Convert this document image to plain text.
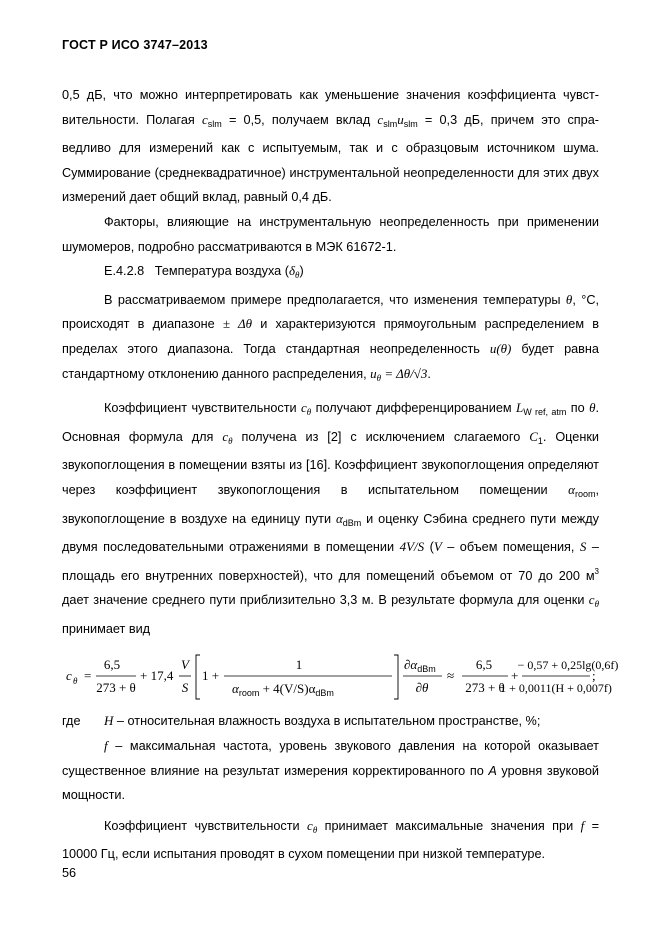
ГОСТ Р ИСО 3747–2013

0,5 дБ, что можно интерпретировать как уменьшение значения коэффициента чувст- вительности. Полагая $c_{slm} = 0,5$, получаем вклад $c_{slm}u_{slm} = 0,3$ дБ, причем это спра- ведливо для измерений как с испытуемым, так и с образцовым источником шума. Суммирование (среднеквадратичное) инструментальной неопределенности для этих двух измерений дает общий вклад, равный 0,4 дБ.

Факторы, влияющие на инструментальную неопределенность при применении шумомеров, подробно рассматриваются в МЭК 61672-1.

Е.4.2.8 Температура воздуха $(\delta_\theta)$

В рассматриваемом примере предполагается, что изменения температуры θ, °С, происходят в диапазоне ± Δθ и характеризуются прямоугольным распределением в пределах этого диапазона. Тогда стандартная неопределенность u(θ) будет равна стандартному отклонению данного распределения, $u_\theta = \Delta\theta/√3$.

Коэффициент чувствительности $c_\theta$ получают дифференцированием $L_{W ref, atm}$ по θ. Основная формула для $c_\theta$ получена из [2] с исключением слагаемого $C_1$. Оценки звукопоглощения в помещении взяты из [16]. Коэффициент звукопоглощения определяют через коэффициент звукопоглощения в испытательном помещении $\alpha_{room}$, звукопоглощение в воздухе на единицу пути $\alpha_{dBm}$ и оценку Сэбина среднего пути между двумя последовательными отражениями в помещении 4V/S (V – объем помещения, S – площадь его внутренних поверхностей), что для помещений объемом от 70 до 200 $м^3$ дает значение среднего пути приблизительно 3,3 м. В результате формула для оценки $c_\theta$ принимает вид

c θ =
6,5
273 + θ
+ 17,4
V
S
1 +
1
$\alpha_{room} + 4(V/S)\alpha_{dBm}$
$\partial\alpha_{dBm}$
∂θ
≈
6,5
273 + θ
+
− 0,57 + 0,25lg(0,6f)
1 + 0,0011(H + 0,007f)
;
где	H – относительная влажность воздуха в испытательном пространстве, %;

f – максимальная частота, уровень звукового давления на которой оказывает существенное влияние на результат измерения корректированного по А уровня звуковой мощности.

Коэффициент чувствительности $c_\theta$ принимает максимальные значения при f = 10000 Гц, если испытания проводят в сухом помещении при низкой температуре.

56
